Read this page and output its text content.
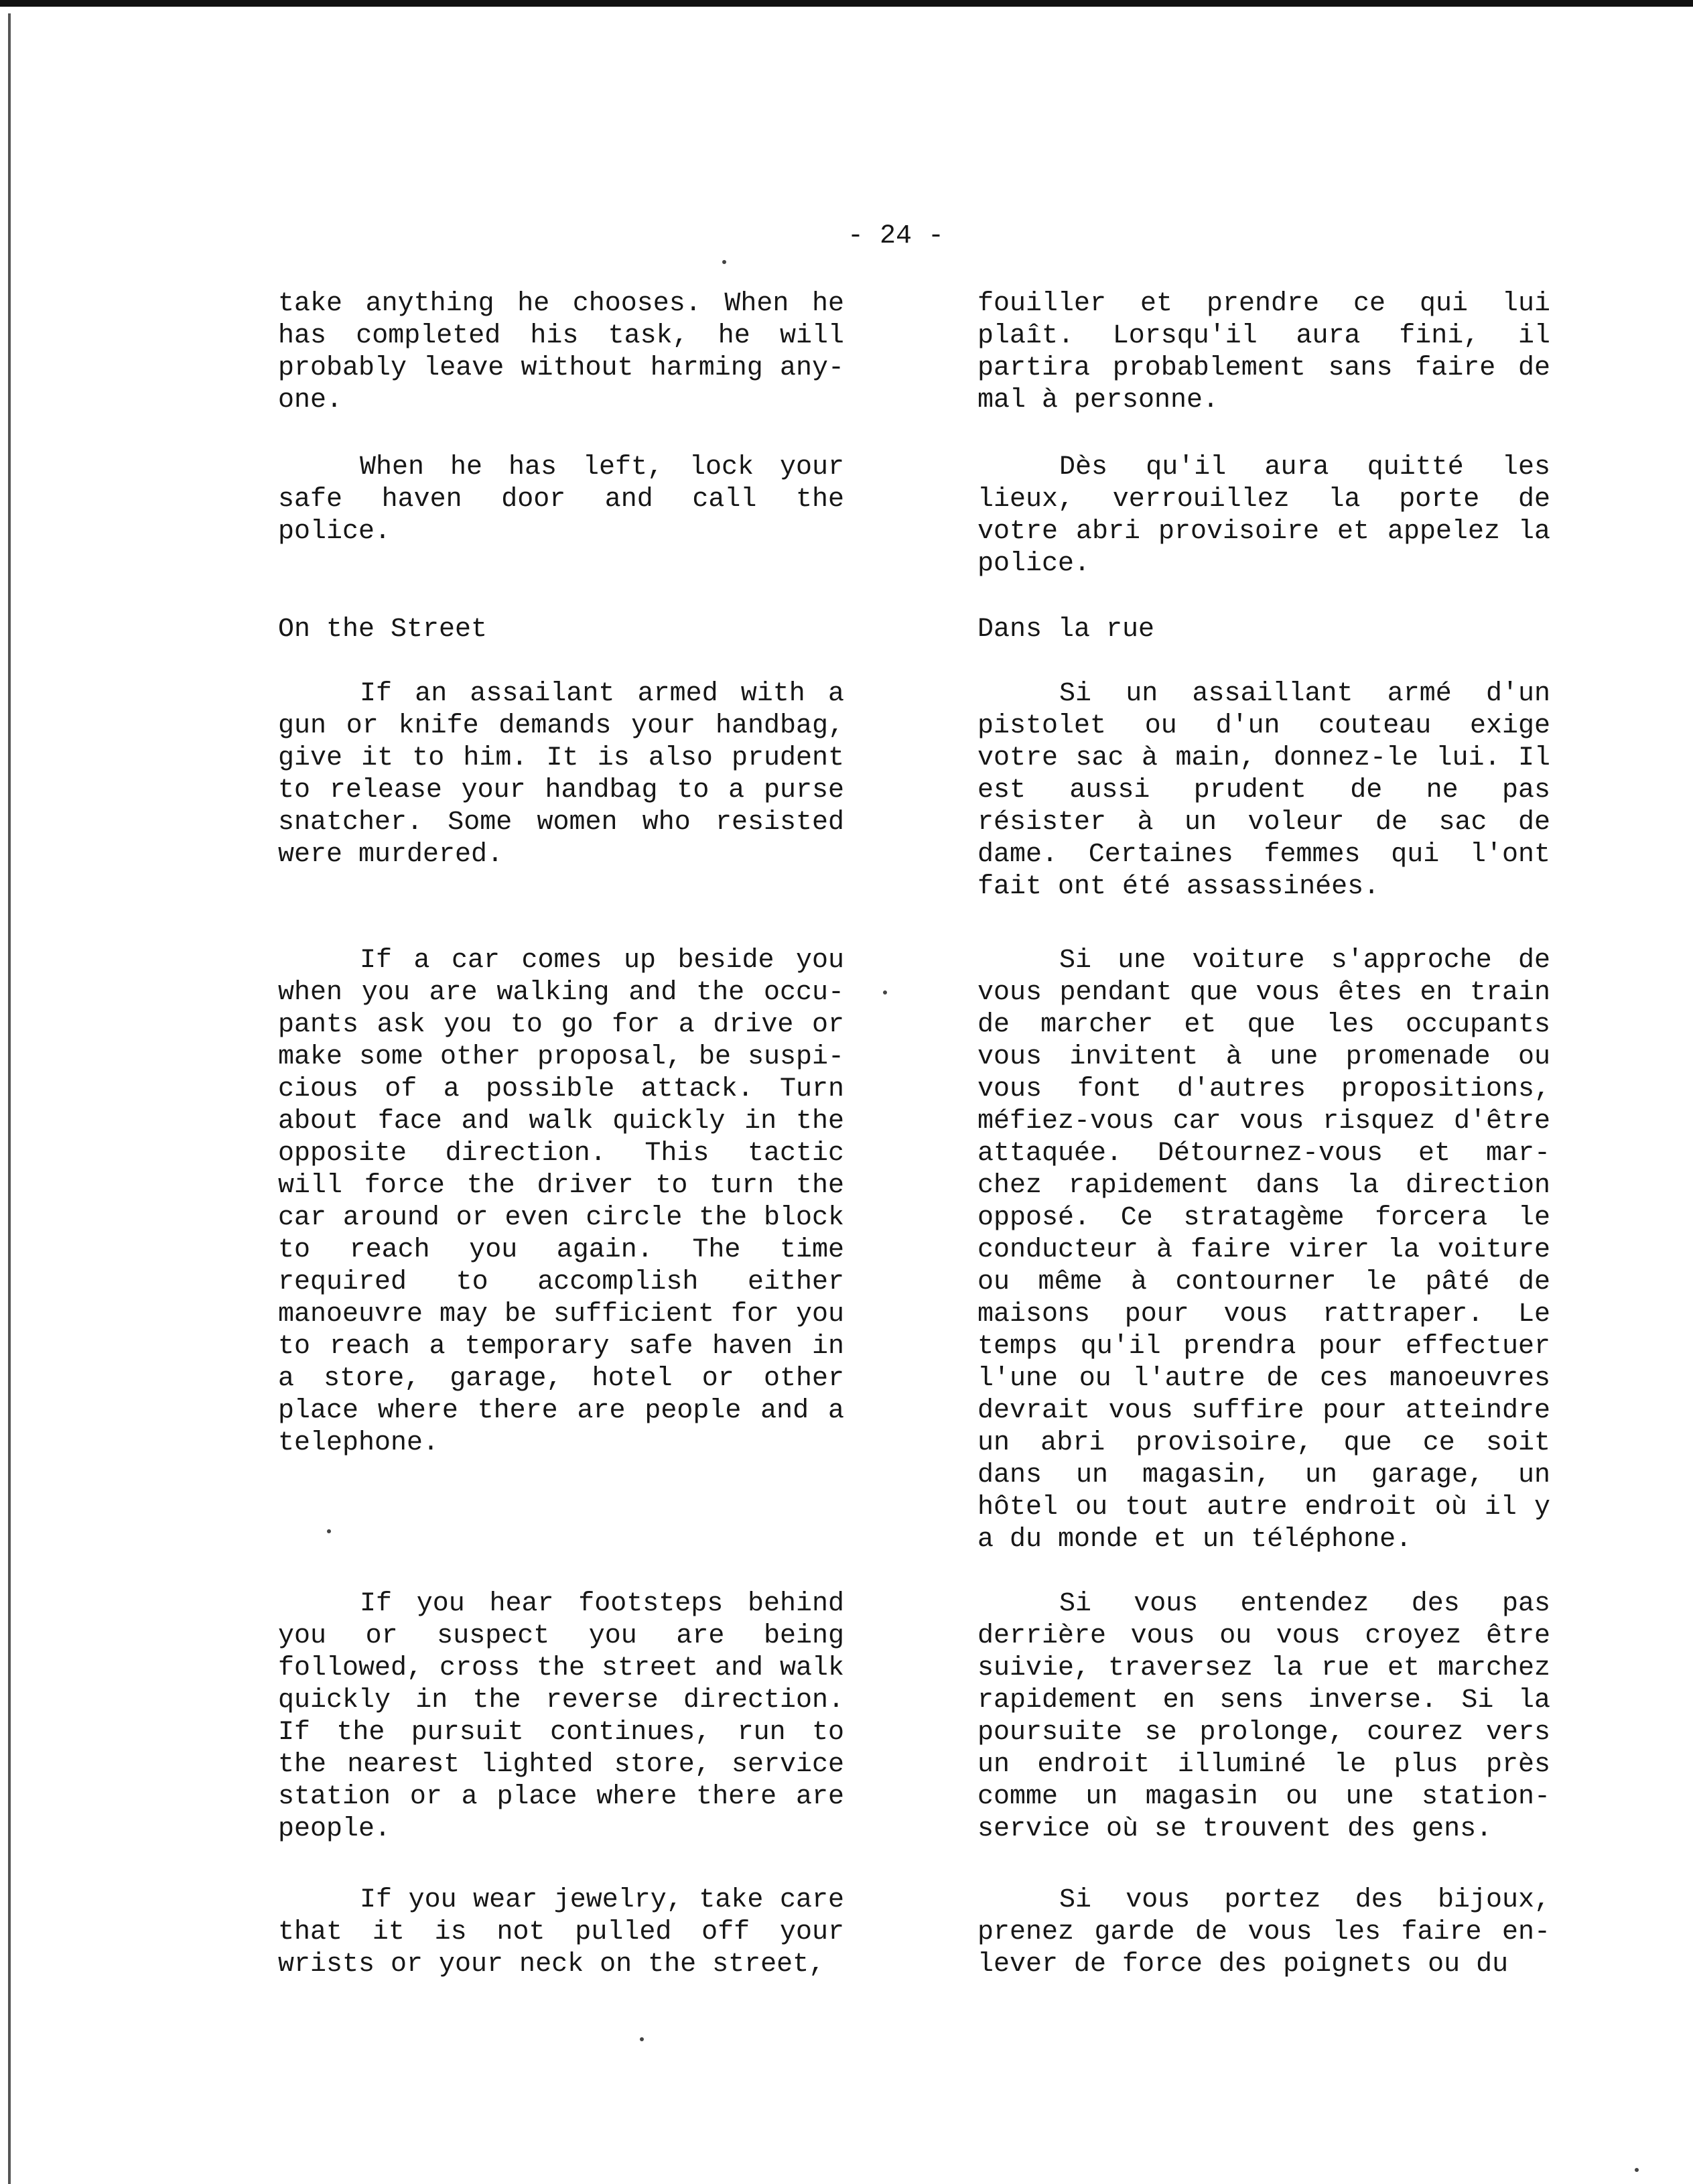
- 24 -

take anything he chooses. When he has completed his task, he will probably leave without harming any-one.

When he has left, lock your safe haven door and call the police.

On the Street

If an assailant armed with a gun or knife demands your handbag, give it to him. It is also prudent to release your handbag to a purse snatcher. Some women who resisted were murdered.

If a car comes up beside you when you are walking and the occu-pants ask you to go for a drive or make some other proposal, be suspi-cious of a possible attack. Turn about face and walk quickly in the opposite direction. This tactic will force the driver to turn the car around or even circle the block to reach you again. The time required to accomplish either manoeuvre may be sufficient for you to reach a temporary safe haven in a store, garage, hotel or other place where there are people and a telephone.

If you hear footsteps behind you or suspect you are being followed, cross the street and walk quickly in the reverse direction. If the pursuit continues, run to the nearest lighted store, service station or a place where there are people.

If you wear jewelry, take care that it is not pulled off your wrists or your neck on the street,

fouiller et prendre ce qui lui plaît. Lorsqu'il aura fini, il partira probablement sans faire de mal à personne.

Dès qu'il aura quitté les lieux, verrouillez la porte de votre abri provisoire et appelez la police.

Dans la rue

Si un assaillant armé d'un pistolet ou d'un couteau exige votre sac à main, donnez-le lui. Il est aussi prudent de ne pas résister à un voleur de sac de dame. Certaines femmes qui l'ont fait ont été assassinées.

Si une voiture s'approche de vous pendant que vous êtes en train de marcher et que les occupants vous invitent à une promenade ou vous font d'autres propositions, méfiez-vous car vous risquez d'être attaquée. Détournez-vous et mar-chez rapidement dans la direction opposé. Ce stratagème forcera le conducteur à faire virer la voiture ou même à contourner le pâté de maisons pour vous rattraper. Le temps qu'il prendra pour effectuer l'une ou l'autre de ces manoeuvres devrait vous suffire pour atteindre un abri provisoire, que ce soit dans un magasin, un garage, un hôtel ou tout autre endroit où il y a du monde et un téléphone.

Si vous entendez des pas derrière vous ou vous croyez être suivie, traversez la rue et marchez rapidement en sens inverse. Si la poursuite se prolonge, courez vers un endroit illuminé le plus près comme un magasin ou une station-service où se trouvent des gens.

Si vous portez des bijoux, prenez garde de vous les faire en-lever de force des poignets ou du
